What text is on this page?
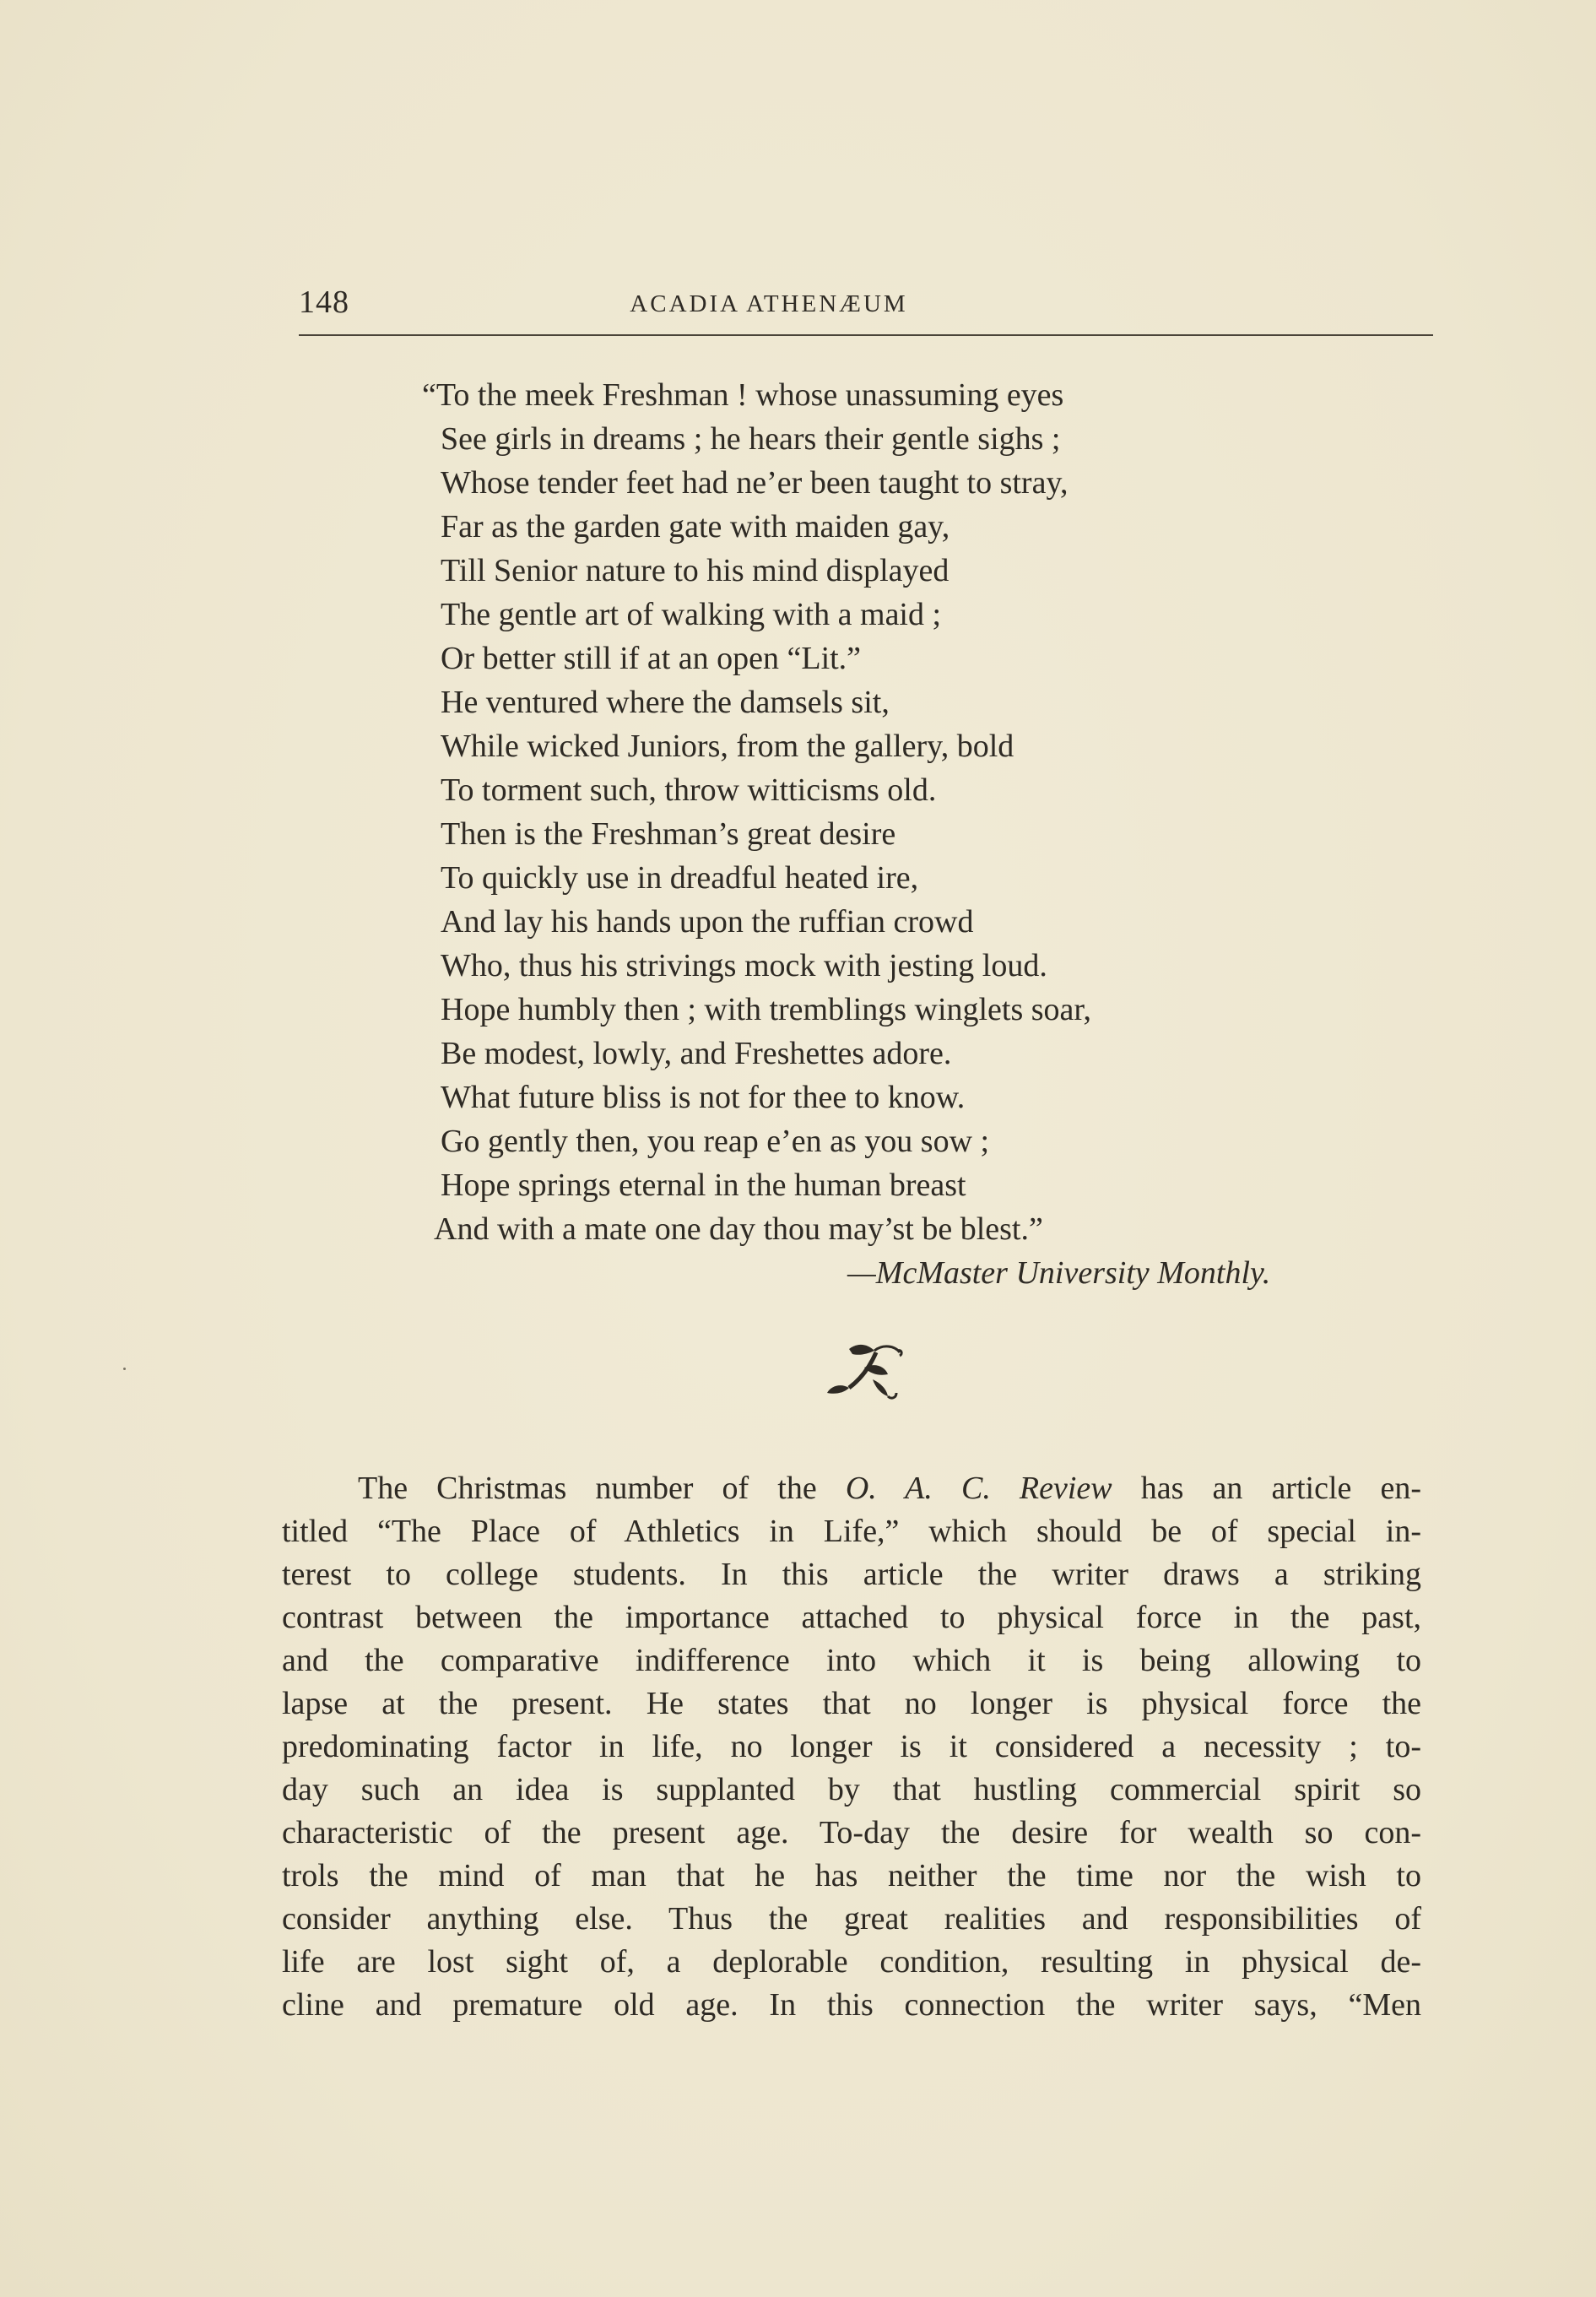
148	ACADIA ATHENÆUM
“To the meek Freshman ! whose unassuming eyes
See girls in dreams ; he hears their gentle sighs ;
Whose tender feet had ne’er been taught to stray,
Far as the garden gate with maiden gay,
Till Senior nature to his mind displayed
The gentle art of walking with a maid ;
Or better still if at an open “Lit.”
He ventured where the damsels sit,
While wicked Juniors, from the gallery, bold
To torment such, throw witticisms old.
Then is the Freshman’s great desire
To quickly use in dreadful heated ire,
And lay his hands upon the ruffian crowd
Who, thus his strivings mock with jesting loud.
Hope humbly then ; with tremblings winglets soar,
Be modest, lowly, and Freshettes adore.
What future bliss is not for thee to know.
Go gently then, you reap e’en as you sow ;
Hope springs eternal in the human breast
And with a mate one day thou may’st be blest.”
—McMaster University Monthly.
The Christmas number of the O. A. C. Review has an article en-
titled “The Place of Athletics in Life,” which should be of special in-
terest to college students. In this article the writer draws a striking
contrast between the importance attached to physical force in the past,
and the comparative indifference into which it is being allowing to
lapse at the present. He states that no longer is physical force the
predominating factor in life, no longer is it considered a necessity ; to-
day such an idea is supplanted by that hustling commercial spirit so
characteristic of the present age. To-day the desire for wealth so con-
trols the mind of man that he has neither the time nor the wish to
consider anything else. Thus the great realities and responsibilities of
life are lost sight of, a deplorable condition, resulting in physical de-
cline and premature old age. In this connection the writer says, “Men
